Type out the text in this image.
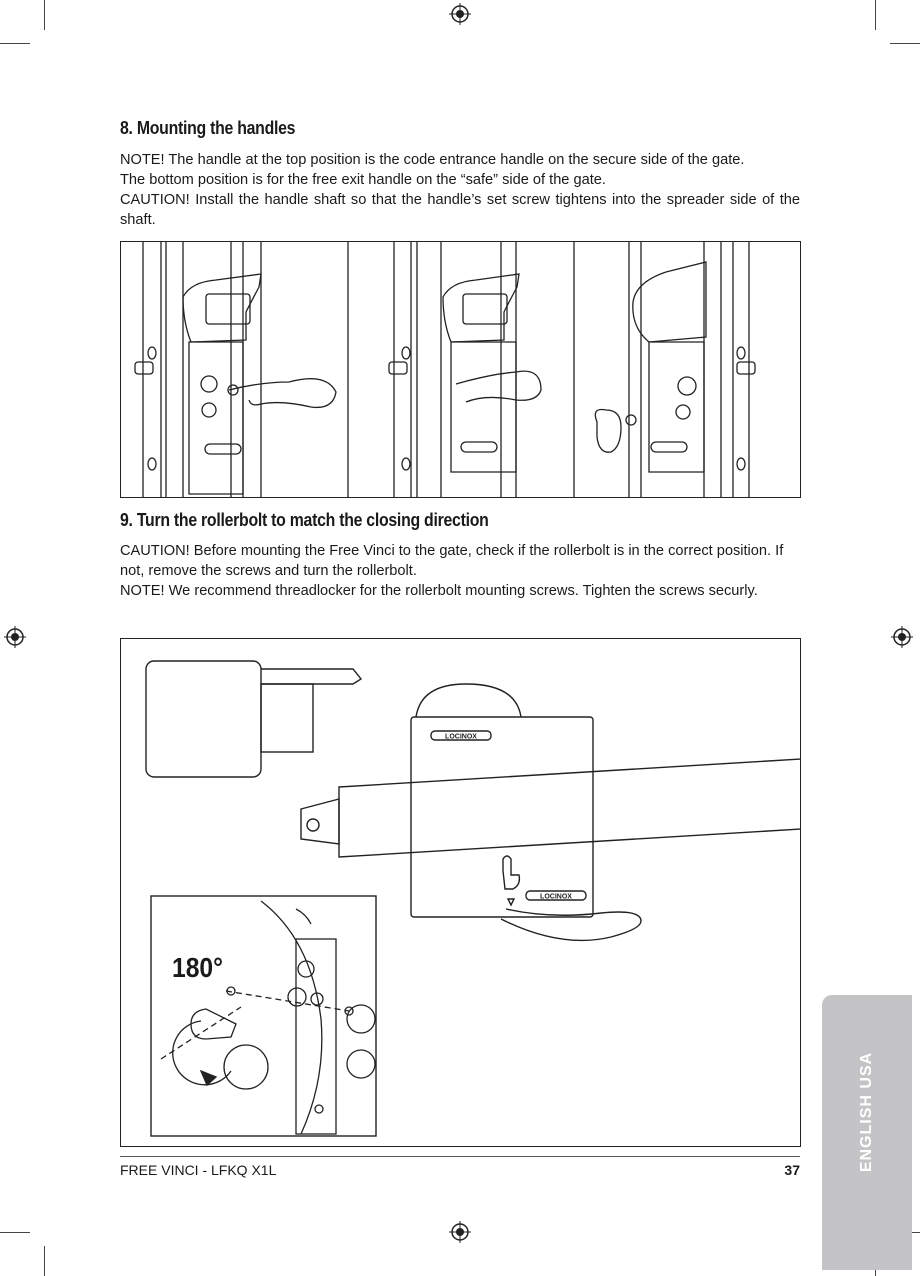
8. Mounting the handles

NOTE! The handle at the top position is the code entrance handle on the secure side of the gate.

The bottom position is for the free exit handle on the “safe” side of the gate.

CAUTION! Install the handle shaft so that the handle’s set screw tightens into the spreader side of the shaft.

9. Turn the rollerbolt to match the closing direction

CAUTION! Before mounting the Free Vinci to the gate, check if the rollerbolt is in the correct position. If not, remove the screws and turn the rollerbolt.

NOTE! We recommend threadlocker for the rollerbolt mounting screws. Tighten the screws securly.

LOCINOX
LOCINOX
180°
FREE VINCI - LFKQ X1L	37	ENGLISH USA
